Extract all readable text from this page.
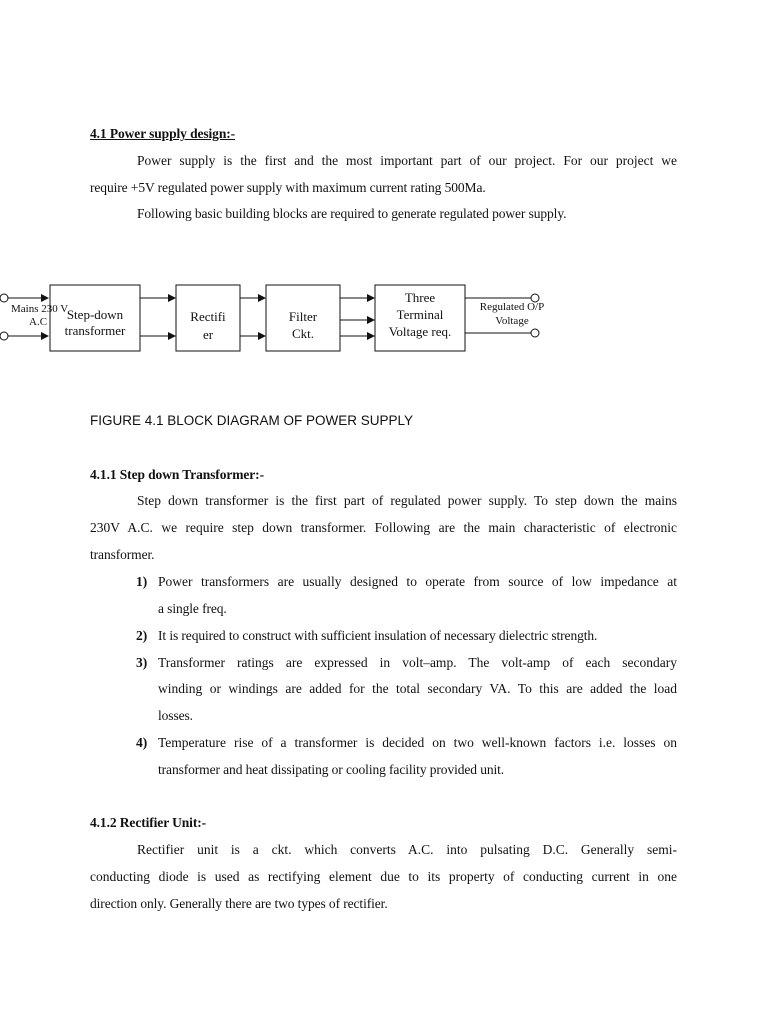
4.1 Power supply design:-
Power supply is the first and the most important part of our project. For our project we
require +5V regulated power supply with maximum current rating 500Ma.
Following basic building blocks are required to generate regulated power supply.
Mains 230 V
A.C Step-down
transformer
Rectifi
er
Filter
Ckt.
Three
Terminal
Voltage req.
Regulated O/P
Voltage
FIGURE 4.1 BLOCK DIAGRAM OF POWER SUPPLY
4.1.1 Step down Transformer:-
Step down transformer is the first part of regulated power supply. To step down the mains
230V A.C. we require step down transformer. Following are the main characteristic of electronic
transformer.
1) Power transformers are usually designed to operate from source of low impedance at
a single freq.
2) It is required to construct with sufficient insulation of necessary dielectric strength.
3) Transformer ratings are expressed in volt–amp. The volt-amp of each secondary
winding or windings are added for the total secondary VA. To this are added the load
losses.
4) Temperature rise of a transformer is decided on two well-known factors i.e. losses on
transformer and heat dissipating or cooling facility provided unit.
4.1.2 Rectifier Unit:-
Rectifier unit is a ckt. which converts A.C. into pulsating D.C. Generally semi-
conducting diode is used as rectifying element due to its property of conducting current in one
direction only. Generally there are two types of rectifier.
